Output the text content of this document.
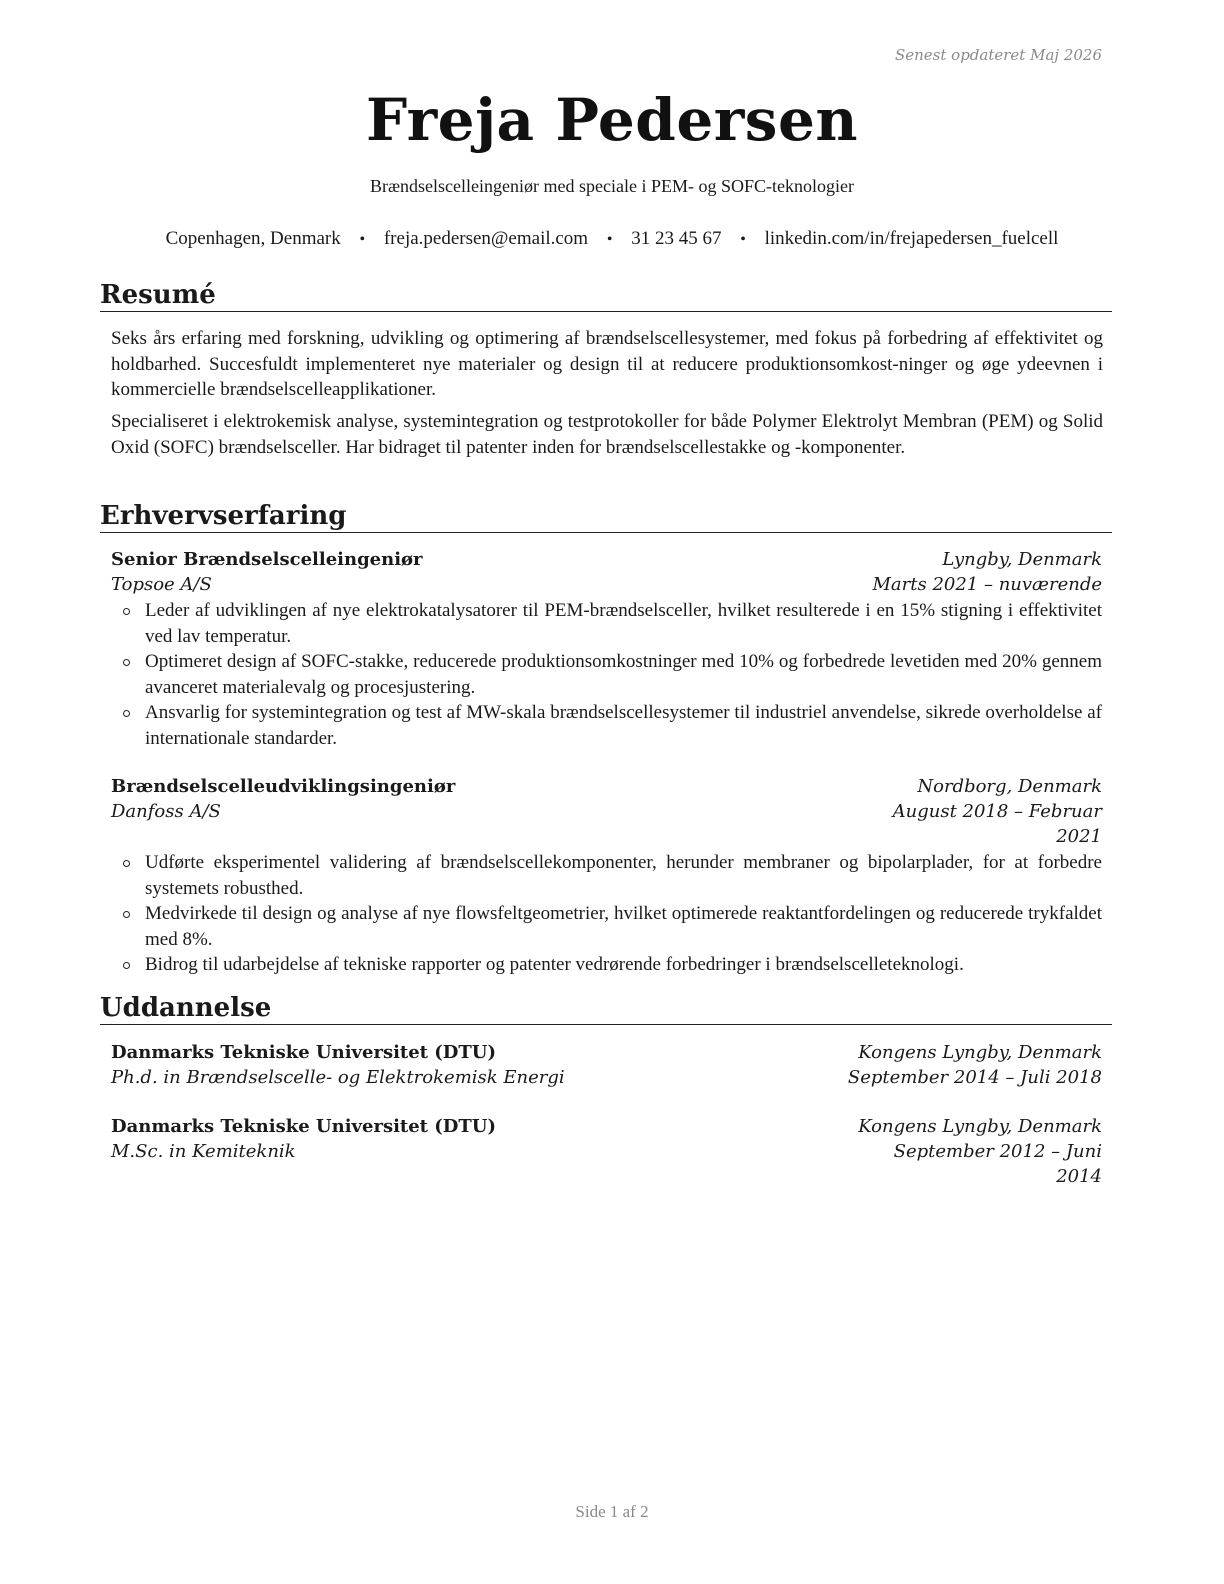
Senest opdateret Maj 2026
Freja Pedersen
Brændselscelleingeniør med speciale i PEM- og SOFC-teknologier
Copenhagen, Denmark • freja.pedersen@email.com • 31 23 45 67 • linkedin.com/in/frejapedersen_fuelcell
Resumé
Seks års erfaring med forskning, udvikling og optimering af brændselscellesystemer, med fokus på forbedring af effektivitet og holdbarhed. Succesfuldt implementeret nye materialer og design til at reducere produktionsomkost-ninger og øge ydeevnen i kommercielle brændselscelleapplikationer.
Specialiseret i elektrokemisk analyse, systemintegration og testprotokoller for både Polymer Elektrolyt Membran (PEM) og Solid Oxid (SOFC) brændselsceller. Har bidraget til patenter inden for brændselscellestakke og -komponenter.
Erhvervserfaring
Senior Brændselscelleingeniør	Lyngby, Denmark
Topsoe A/S	Marts 2021 – nuværende
Leder af udviklingen af nye elektrokatalysatorer til PEM-brændselsceller, hvilket resulterede i en 15% stigning i effektivitet ved lav temperatur.
Optimeret design af SOFC-stakke, reducerede produktionsomkostninger med 10% og forbedrede levetiden med 20% gennem avanceret materialevalg og procesjustering.
Ansvarlig for systemintegration og test af MW-skala brændselscellesystemer til industriel anvendelse, sikrede overholdelse af internationale standarder.
Brændselscelleudviklingsingeniør	Nordborg, Denmark
Danfoss A/S	August 2018 – Februar 2021
Udførte eksperimentel validering af brændselscellekomponenter, herunder membraner og bipolarplader, for at forbedre systemets robusthed.
Medvirkede til design og analyse af nye flowsfeltgeometrier, hvilket optimerede reaktantfordelingen og reducerede trykfaldet med 8%.
Bidrog til udarbejdelse af tekniske rapporter og patenter vedrørende forbedringer i brændselscelleteknologi.
Uddannelse
Danmarks Tekniske Universitet (DTU)	Kongens Lyngby, Denmark
Ph.d. in Brændselscelle- og Elektrokemisk Energi	September 2014 – Juli 2018
Danmarks Tekniske Universitet (DTU)	Kongens Lyngby, Denmark
M.Sc. in Kemiteknik	September 2012 – Juni 2014
Side 1 af 2
